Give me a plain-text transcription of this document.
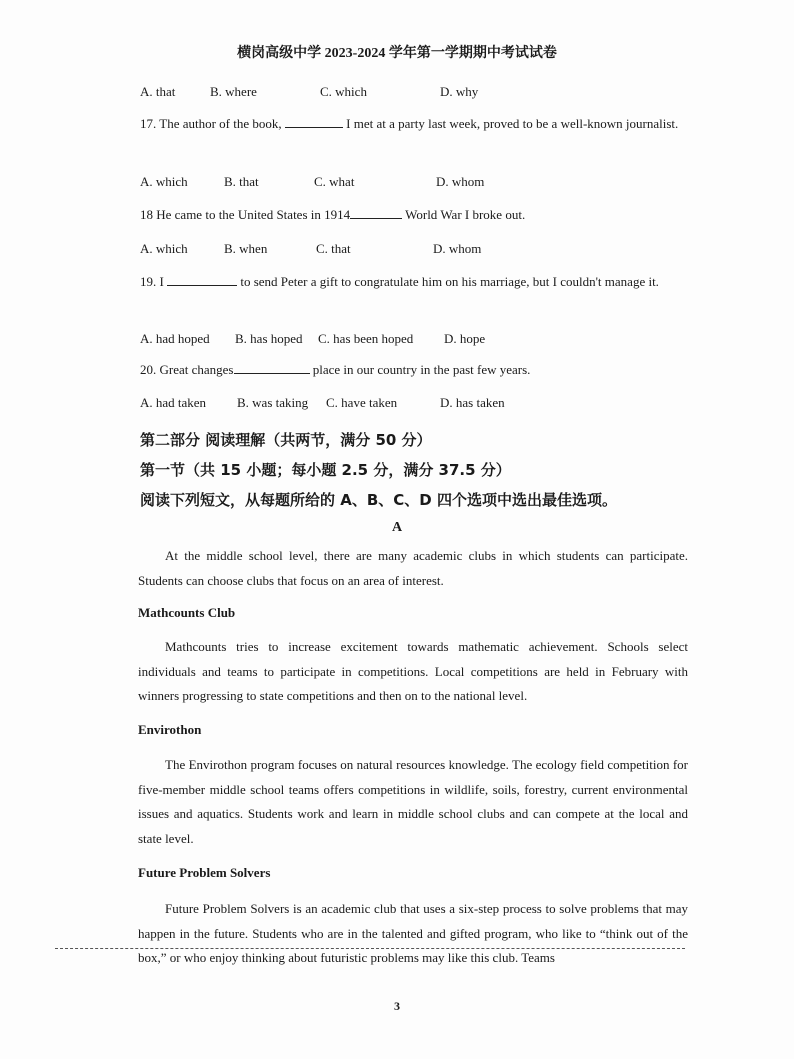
横岗高级中学 2023-2024 学年第一学期期中考试试卷
A. that	B. where	C. which	D. why
17. The author of the book,	I met at a party last week, proved to be a well-known journalist.
A. which	B. that	C. what	D. whom
18 He came to the United States in 1914	World War I broke out.
A. which	B. when	C. that	D. whom
19. I	to send Peter a gift to congratulate him on his marriage, but I couldn't manage it.
A. had hoped B. has hoped C. has been hoped D. hope
20. Great changes	place in our country in the past few years.
A. had taken B. was taking C. have taken	D. has taken
第二部分 阅读理解（共两节，满分 50 分）
第一节（共 15 小题；每小题 2.5 分，满分 37.5 分）
阅读下列短文，从每题所给的 A、B、C、D 四个选项中选出最佳选项。
A

At the middle school level, there are many academic clubs in which students can participate. Students can choose clubs that focus on an area of interest.

Mathcounts Club

Mathcounts tries to increase excitement towards mathematic achievement. Schools select individuals and teams to participate in competitions. Local competitions are held in February with winners progressing to state competitions and then on to the national level.

Envirothon

The Envirothon program focuses on natural resources knowledge. The ecology field competition for five-member middle school teams offers competitions in wildlife, soils, forestry, current environmental issues and aquatics. Students work and learn in middle school clubs and can compete at the local and state level.

Future Problem Solvers

Future Problem Solvers is an academic club that uses a six-step process to solve problems that may happen in the future. Students who are in the talented and gifted program, who like to “think out of the box,” or who enjoy thinking about futuristic problems may like this club. Teams

3
